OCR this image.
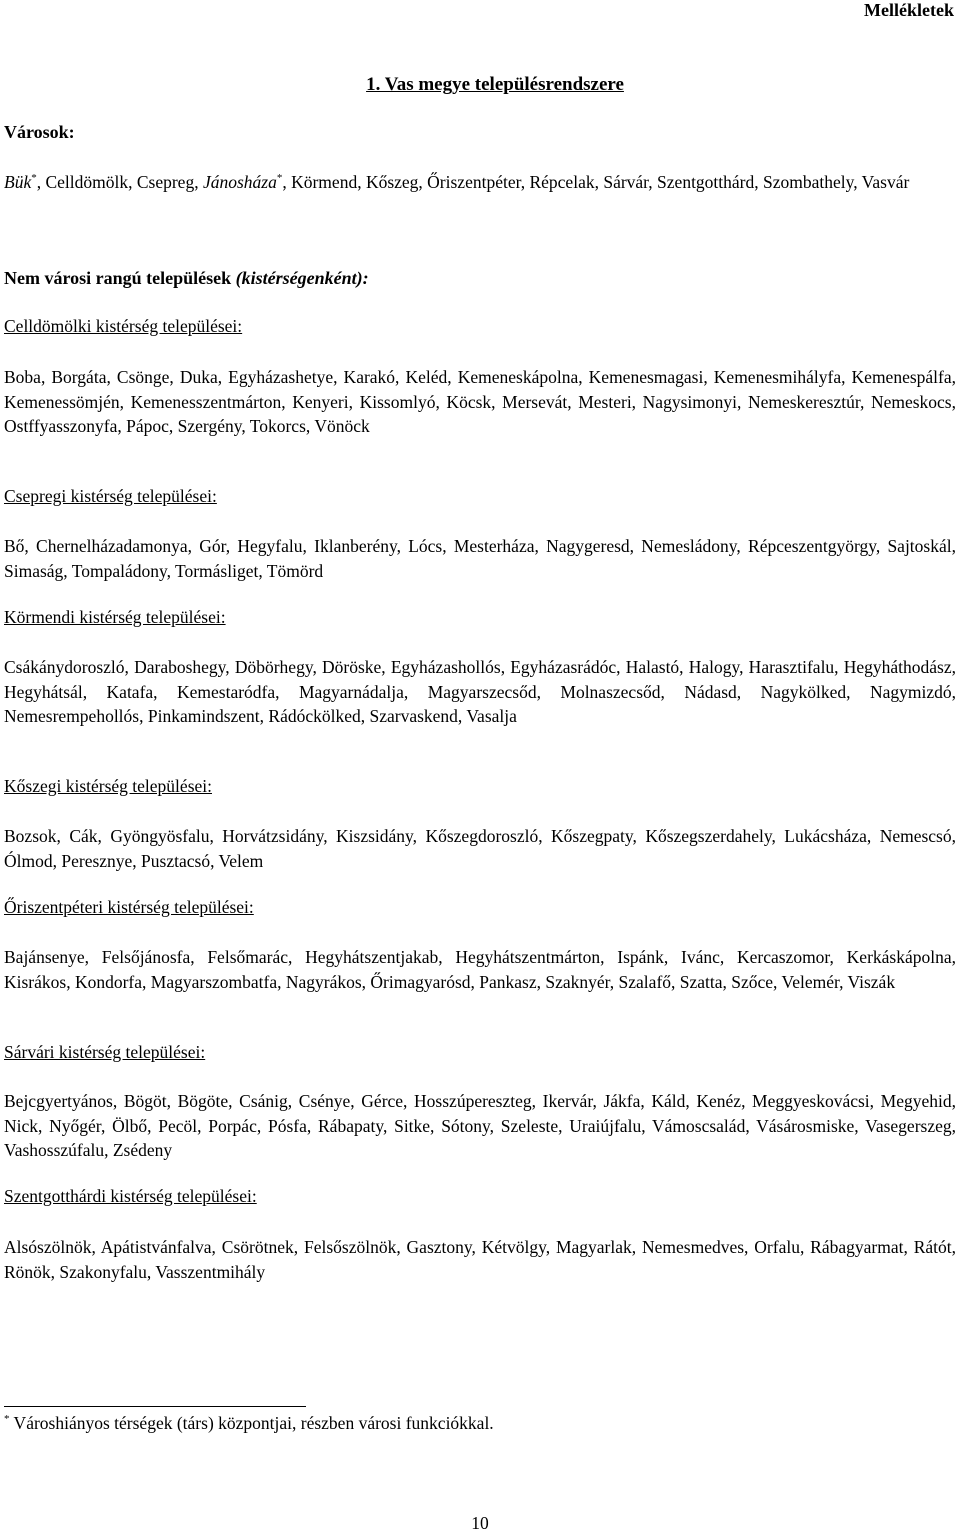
Mellékletek
1. Vas megye településrendszere
Városok:
Bük*, Celldömölk, Csepreg, Jánosháza*, Körmend, Kőszeg, Őriszentpéter, Répcelak, Sárvár, Szentgotthárd, Szombathely, Vasvár
Nem városi rangú települések (kistérségenként):
Celldömölki kistérség települései:
Boba, Borgáta, Csönge, Duka, Egyházashetye, Karakó, Keléd, Kemeneskápolna, Kemenesmagasi, Kemenesmihályfa, Kemenespálfa, Kemenessömjén, Kemenesszentmárton, Kenyeri, Kissomlyó, Köcsk, Mersevát, Mesteri, Nagysimonyi, Nemeskeresztúr, Nemeskocs, Ostffyasszonyfa, Pápoc, Szergény, Tokorcs, Vönöck
Csepregi kistérség települései:
Bő, Chernelházadamonya, Gór, Hegyfalu, Iklanberény, Lócs, Mesterháza, Nagygeresd, Nemesládony, Répceszentgyörgy, Sajtoskál, Simaság, Tompaládony, Tormásliget, Tömörd
Körmendi kistérség települései:
Csákánydoroszló, Daraboshegy, Döbörhegy, Döröske, Egyházashollós, Egyházasrádóc, Halastó, Halogy, Harasztifalu, Hegyháthodász, Hegyhátsál, Katafa, Kemestaródfa, Magyarnádalja, Magyarszecsőd, Molnaszecsőd, Nádasd, Nagykölked, Nagymizdó, Nemesrempehollós, Pinkamindszent, Rádóckölked, Szarvaskend, Vasalja
Kőszegi kistérség települései:
Bozsok, Cák, Gyöngyösfalu, Horvátzsidány, Kiszsidány, Kőszegdoroszló, Kőszegpaty, Kőszegszerdahely, Lukácsháza, Nemescsó, Ólmod, Peresznye, Pusztacsó, Velem
Őriszentpéteri kistérség települései:
Bajánsenye, Felsőjánosfa, Felsőmarác, Hegyhátszentjakab, Hegyhátszentmárton, Ispánk, Ivánc, Kercaszomor, Kerkáskápolna, Kisrákos, Kondorfa, Magyarszombatfa, Nagyrákos, Őrimagyarósd, Pankasz, Szaknyér, Szalafő, Szatta, Szőce, Velemér, Viszák
Sárvári kistérség települései:
Bejcgyertyános, Bögöt, Bögöte, Csánig, Csénye, Gérce, Hosszúpereszteg, Ikervár, Jákfa, Káld, Kenéz, Meggyeskovácsi, Megyehid, Nick, Nyőgér, Ölbő, Pecöl, Porpác, Pósfa, Rábapaty, Sitke, Sótony, Szeleste, Uraiújfalu, Vámoscsalád, Vásárosmiske, Vasegerszeg, Vashosszúfalu, Zsédeny
Szentgotthárdi kistérség települései:
Alsószölnök, Apátistvánfalva, Csörötnek, Felsőszölnök, Gasztony, Kétvölgy, Magyarlak, Nemesmedves, Orfalu, Rábagyarmat, Rátót, Rönök, Szakonyfalu, Vasszentmihály
* Városhiányos térségek (társ) központjai, részben városi funkciókkal.
10
